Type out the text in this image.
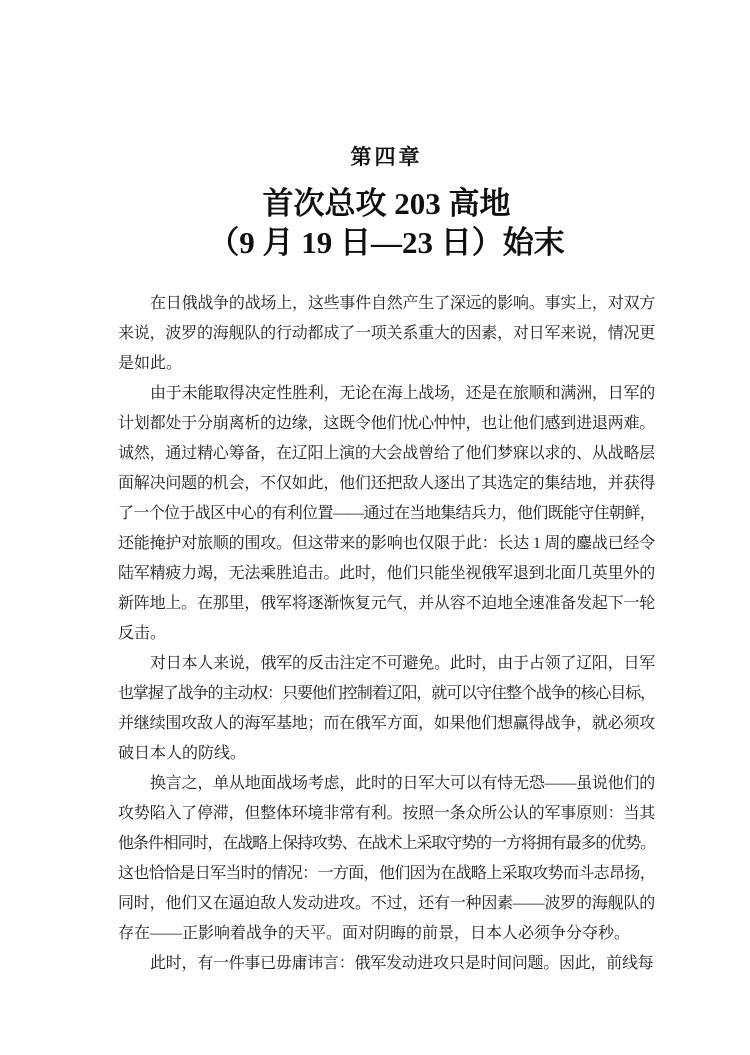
第四章
首次总攻 203 高地
（9 月 19 日—23 日）始末
在日俄战争的战场上，这些事件自然产生了深远的影响。事实上，对双方
来说，波罗的海舰队的行动都成了一项关系重大的因素，对日军来说，情况更
是如此。
由于未能取得决定性胜利，无论在海上战场，还是在旅顺和满洲，日军的
计划都处于分崩离析的边缘，这既令他们忧心忡忡，也让他们感到进退两难。
诚然，通过精心筹备，在辽阳上演的大会战曾给了他们梦寐以求的、从战略层
面解决问题的机会，不仅如此，他们还把敌人逐出了其选定的集结地，并获得
了一个位于战区中心的有利位置——通过在当地集结兵力，他们既能守住朝鲜，
还能掩护对旅顺的围攻。但这带来的影响也仅限于此：长达 1 周的鏖战已经令
陆军精疲力竭，无法乘胜追击。此时，他们只能坐视俄军退到北面几英里外的
新阵地上。在那里，俄军将逐渐恢复元气，并从容不迫地全速准备发起下一轮
反击。
对日本人来说，俄军的反击注定不可避免。此时，由于占领了辽阳，日军
也掌握了战争的主动权：只要他们控制着辽阳，就可以守住整个战争的核心目标，
并继续围攻敌人的海军基地；而在俄军方面，如果他们想赢得战争，就必须攻
破日本人的防线。
换言之，单从地面战场考虑，此时的日军大可以有恃无恐——虽说他们的
攻势陷入了停滞，但整体环境非常有利。按照一条众所公认的军事原则：当其
他条件相同时，在战略上保持攻势、在战术上采取守势的一方将拥有最多的优势。
这也恰恰是日军当时的情况：一方面，他们因为在战略上采取攻势而斗志昂扬，
同时，他们又在逼迫敌人发动进攻。不过，还有一种因素——波罗的海舰队的
存在——正影响着战争的天平。面对阴晦的前景，日本人必须争分夺秒。
此时，有一件事已毋庸讳言：俄军发动进攻只是时间问题。因此，前线每
